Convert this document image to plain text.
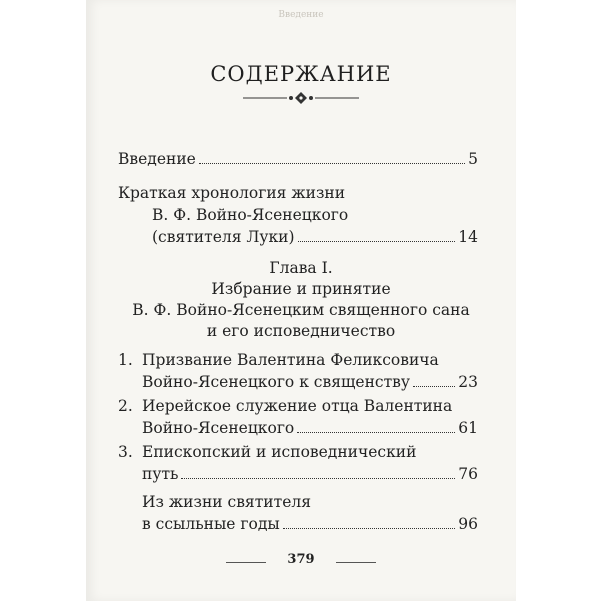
Введение
СОДЕРЖАНИЕ
Введение	5
Краткая хронология жизни
В. Ф. Войно-Ясенецкого
(святителя Луки)	14
Глава I.
Избрание и принятие
В. Ф. Войно-Ясенецким священного сана
и его исповедничество
1. Призвание Валентина Феликсовича
Войно-Ясенецкого к священству	23
2. Иерейское служение отца Валентина
Войно-Ясенецкого	61
3. Епископский и исповеднический
путь	76
Из жизни святителя
в ссыльные годы	96
379
